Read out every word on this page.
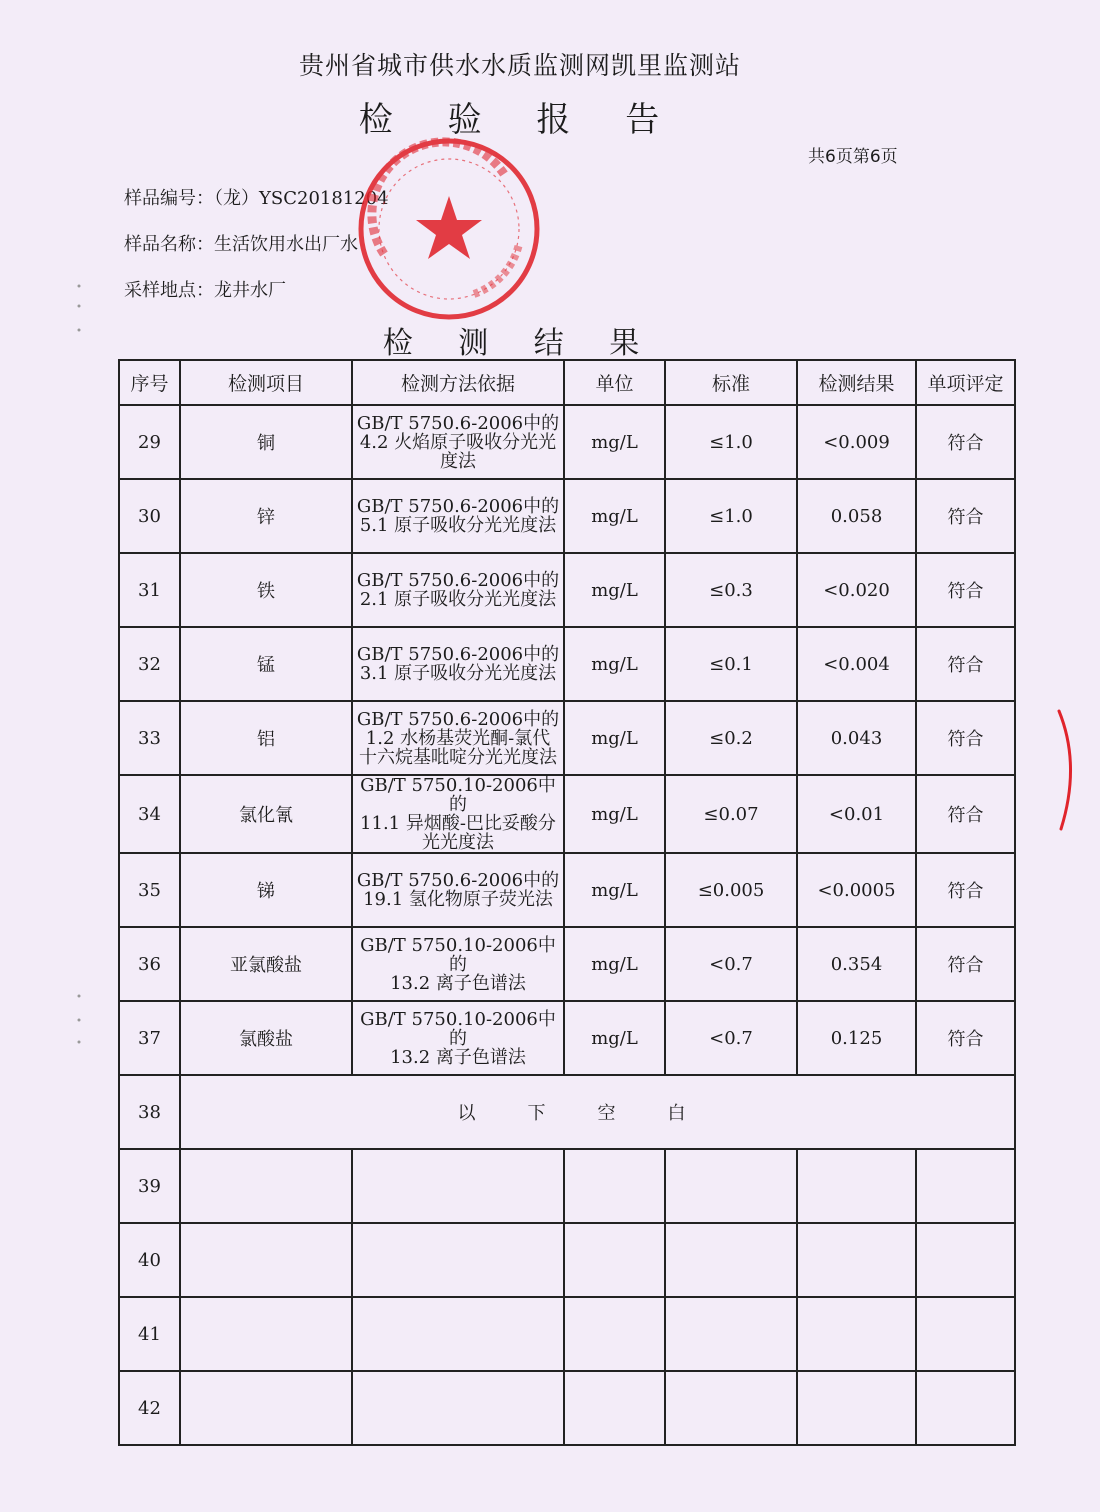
贵州省城市供水水质监测网凯里监测站
检 验 报 告
共6页第6页
样品编号：（龙）YSC20181204
样品名称：生活饮用水出厂水
采样地点：龙井水厂
检 测 结 果
序号	检测项目	检测方法依据	单位	标准	检测结果	单项评定
29	铜	GB/T 5750.6-2006中的
4.2 火焰原子吸收分光光
度法	mg/L	≤1.0	<0.009	符合
30	锌	GB/T 5750.6-2006中的
5.1 原子吸收分光光度法	mg/L	≤1.0	0.058	符合
31	铁	GB/T 5750.6-2006中的
2.1 原子吸收分光光度法	mg/L	≤0.3	<0.020	符合
32	锰	GB/T 5750.6-2006中的
3.1 原子吸收分光光度法	mg/L	≤0.1	<0.004	符合
33	铝	GB/T 5750.6-2006中的
1.2 水杨基荧光酮-氯代
十六烷基吡啶分光光度法	mg/L	≤0.2	0.043	符合
34	氯化氰	GB/T 5750.10-2006中的
11.1 异烟酸-巴比妥酸分
光光度法	mg/L	≤0.07	<0.01	符合
35	锑	GB/T 5750.6-2006中的
19.1 氢化物原子荧光法	mg/L	≤0.005	<0.0005	符合
36	亚氯酸盐	GB/T 5750.10-2006中的
13.2 离子色谱法	mg/L	<0.7	0.354	符合
37	氯酸盐	GB/T 5750.10-2006中的
13.2 离子色谱法	mg/L	<0.7	0.125	符合
38	以下空白					
39						
40						
41						
42						
